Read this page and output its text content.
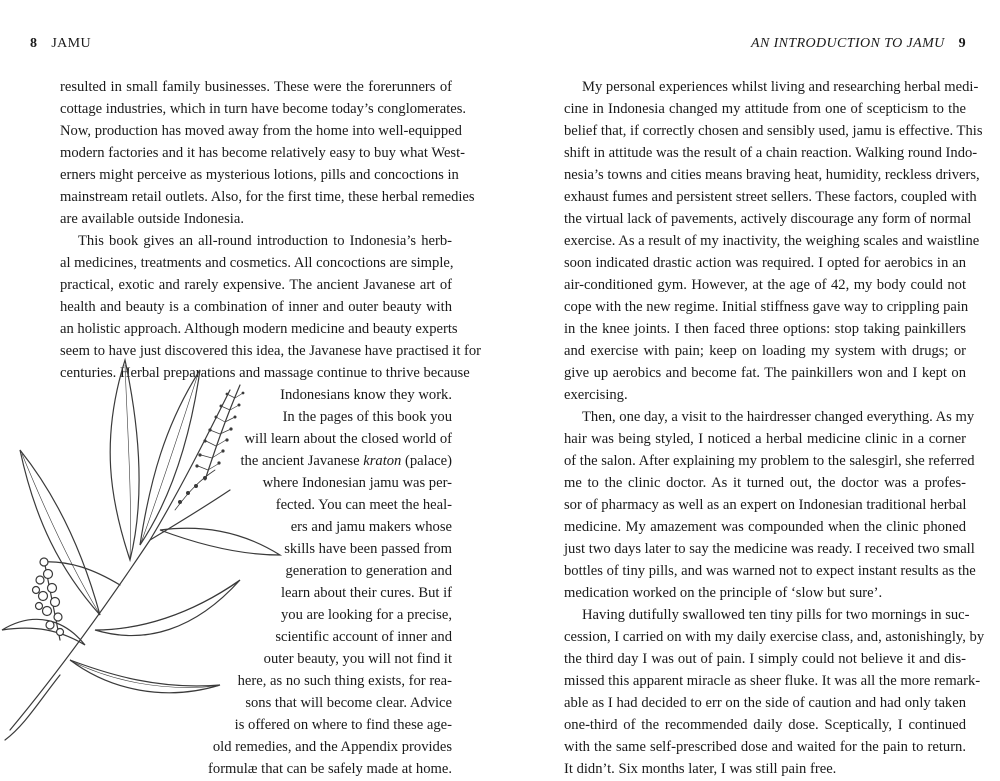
8 JAMU
resulted in small family businesses. These were the forerunners of
cottage industries, which in turn have become today’s conglomerates.
Now, production has moved away from the home into well-equipped
modern factories and it has become relatively easy to buy what West-
erners might perceive as mysterious lotions, pills and concoctions in
mainstream retail outlets. Also, for the first time, these herbal remedies
are available outside Indonesia.
This book gives an all-round introduction to Indonesia’s herb-
al medicines, treatments and cosmetics. All concoctions are simple,
practical, exotic and rarely expensive. The ancient Javanese art of
health and beauty is a combination of inner and outer beauty with
an holistic approach. Although modern medicine and beauty experts
seem to have just discovered this idea, the Javanese have practised it for
centuries. Herbal preparations and massage continue to thrive because
Indonesians know they work.
In the pages of this book you
will learn about the closed world of
the ancient Javanese kraton (palace)
where Indonesian jamu was per-
fected. You can meet the heal-
ers and jamu makers whose
skills have been passed from
generation to generation and
learn about their cures. But if
you are looking for a precise,
scientific account of inner and
outer beauty, you will not find it
here, as no such thing exists, for rea-
sons that will become clear. Advice
is offered on where to find these age-
old remedies, and the Appendix provides
formulæ that can be safely made at home.
AN INTRODUCTION TO JAMU 9
My personal experiences whilst living and researching herbal medi-
cine in Indonesia changed my attitude from one of scepticism to the
belief that, if correctly chosen and sensibly used, jamu is effective. This
shift in attitude was the result of a chain reaction. Walking round Indo-
nesia’s towns and cities means braving heat, humidity, reckless drivers,
exhaust fumes and persistent street sellers. These factors, coupled with
the virtual lack of pavements, actively discourage any form of normal
exercise. As a result of my inactivity, the weighing scales and waistline
soon indicated drastic action was required. I opted for aerobics in an
air-conditioned gym. However, at the age of 42, my body could not
cope with the new regime. Initial stiffness gave way to crippling pain
in the knee joints. I then faced three options: stop taking painkillers
and exercise with pain; keep on loading my system with drugs; or
give up aerobics and become fat. The painkillers won and I kept on
exercising.
Then, one day, a visit to the hairdresser changed everything. As my
hair was being styled, I noticed a herbal medicine clinic in a corner
of the salon. After explaining my problem to the salesgirl, she referred
me to the clinic doctor. As it turned out, the doctor was a profes-
sor of pharmacy as well as an expert on Indonesian traditional herbal
medicine. My amazement was compounded when the clinic phoned
just two days later to say the medicine was ready. I received two small
bottles of tiny pills, and was warned not to expect instant results as the
medication worked on the principle of ‘slow but sure’.
Having dutifully swallowed ten tiny pills for two mornings in suc-
cession, I carried on with my daily exercise class, and, astonishingly, by
the third day I was out of pain. I simply could not believe it and dis-
missed this apparent miracle as sheer fluke. It was all the more remark-
able as I had decided to err on the side of caution and had only taken
one-third of the recommended daily dose. Sceptically, I continued
with the same self-prescribed dose and waited for the pain to return.
It didn’t. Six months later, I was still pain free.
